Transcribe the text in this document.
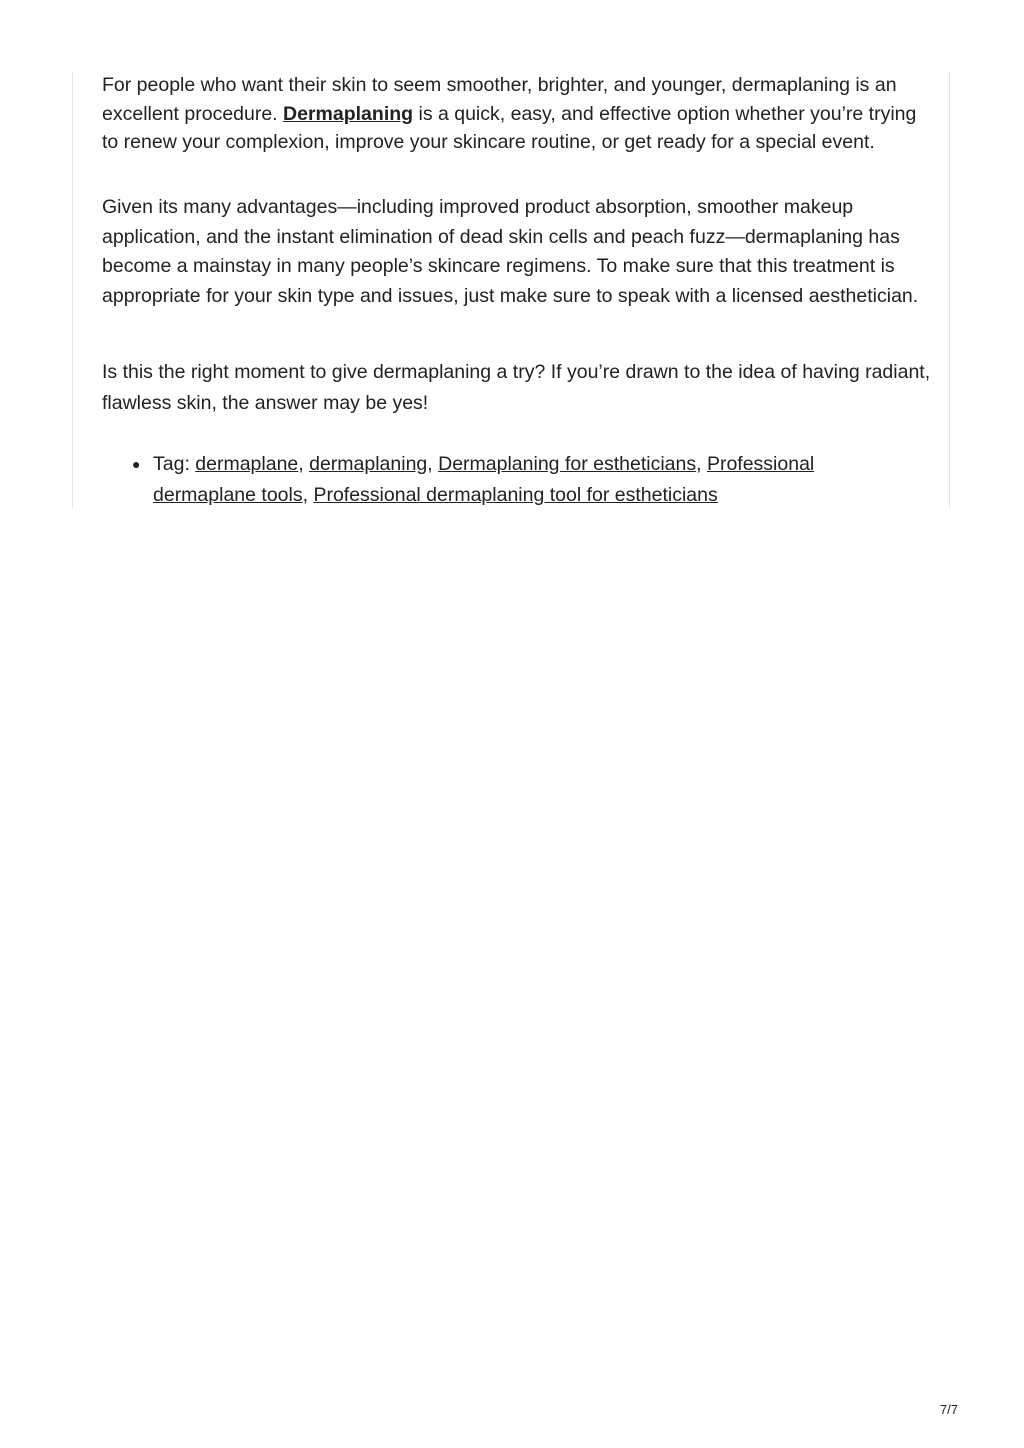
For people who want their skin to seem smoother, brighter, and younger, dermaplaning is an excellent procedure. Dermaplaning is a quick, easy, and effective option whether you’re trying to renew your complexion, improve your skincare routine, or get ready for a special event.

Given its many advantages—including improved product absorption, smoother makeup application, and the instant elimination of dead skin cells and peach fuzz—dermaplaning has become a mainstay in many people’s skincare regimens. To make sure that this treatment is appropriate for your skin type and issues, just make sure to speak with a licensed aesthetician.

Is this the right moment to give dermaplaning a try? If you’re drawn to the idea of having radiant, flawless skin, the answer may be yes!

● Tag: dermaplane, dermaplaning, Dermaplaning for estheticians, Professional dermaplane tools, Professional dermaplaning tool for estheticians
7/7
